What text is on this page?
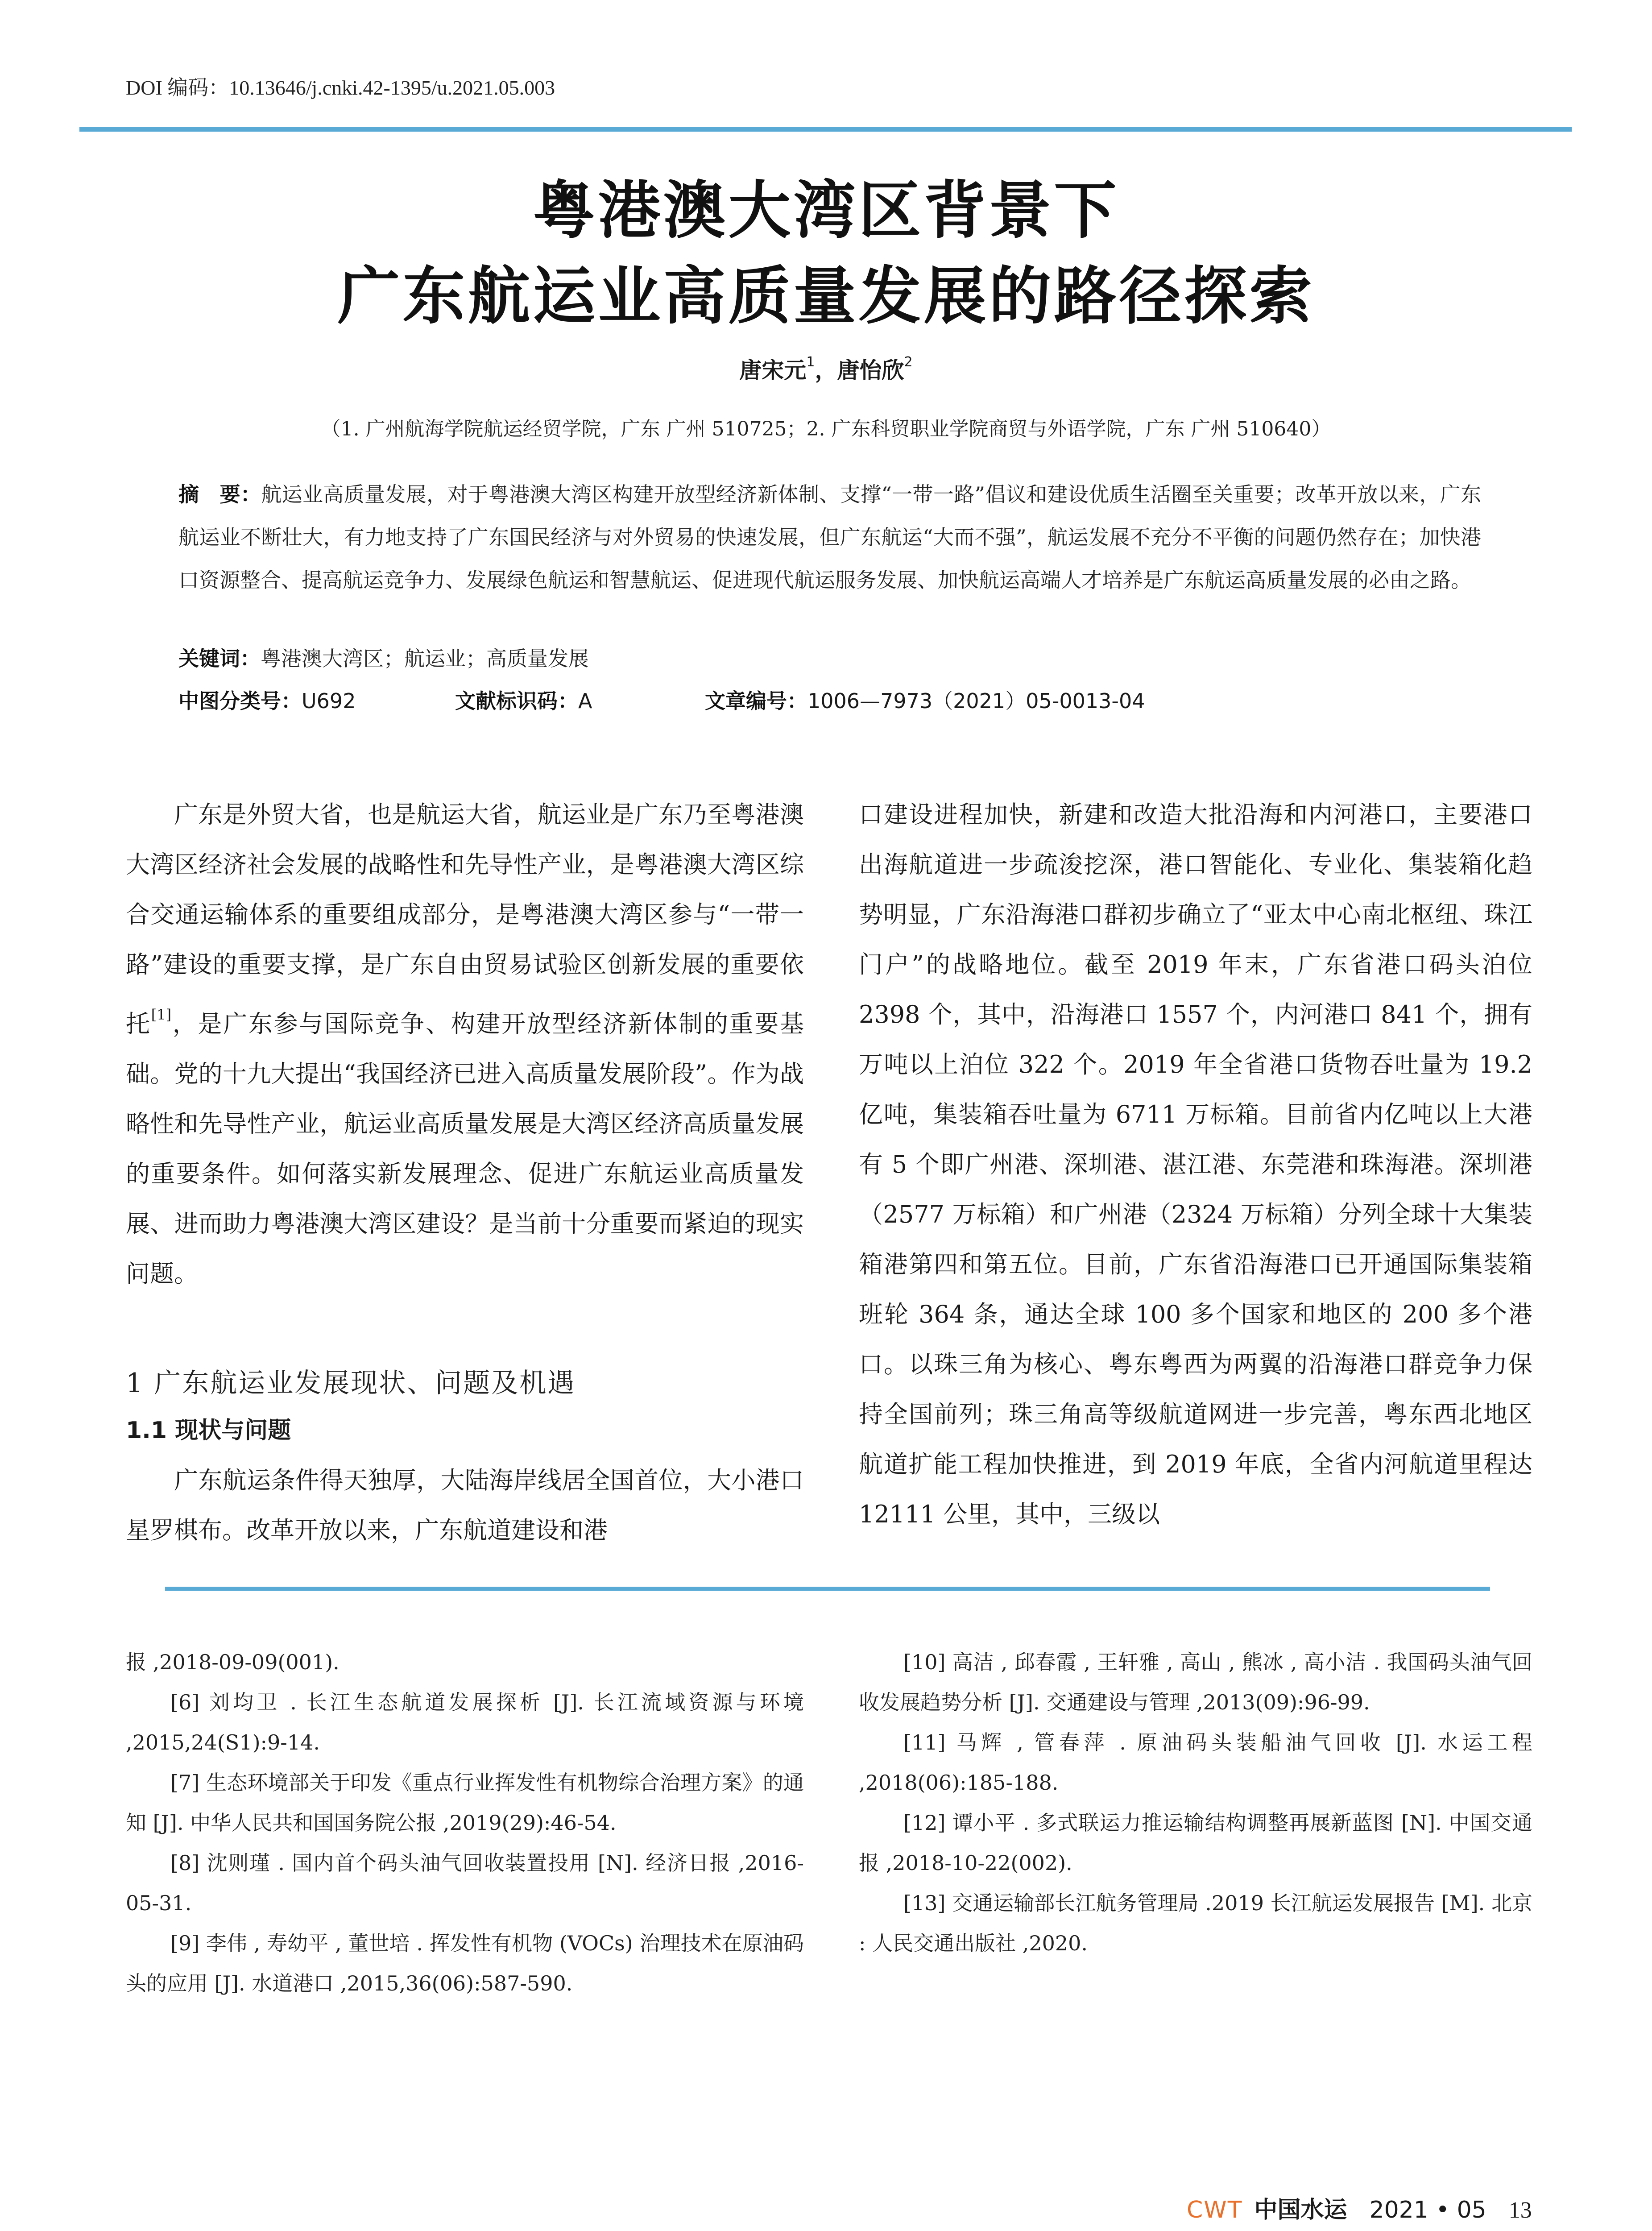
DOI 编码：10.13646/j.cnki.42-1395/u.2021.05.003
粤港澳大湾区背景下
广东航运业高质量发展的路径探索
唐宋元$^1$，唐怡欣$^2$
（1. 广州航海学院航运经贸学院，广东 广州 510725；2. 广东科贸职业学院商贸与外语学院，广东 广州 510640）
摘　要：航运业高质量发展，对于粤港澳大湾区构建开放型经济新体制、支撑“一带一路”倡议和建设优质生活圈至关重要；改革开放以来，广东航运业不断壮大，有力地支持了广东国民经济与对外贸易的快速发展，但广东航运“大而不强”，航运发展不充分不平衡的问题仍然存在；加快港口资源整合、提高航运竞争力、发展绿色航运和智慧航运、促进现代航运服务发展、加快航运高端人才培养是广东航运高质量发展的必由之路。
关键词：粤港澳大湾区；航运业；高质量发展
中图分类号：U692	文献标识码：A	文章编号：1006—7973（2021）05-0013-04

广东是外贸大省，也是航运大省，航运业是广东乃至粤港澳大湾区经济社会发展的战略性和先导性产业，是粤港澳大湾区综合交通运输体系的重要组成部分，是粤港澳大湾区参与“一带一路”建设的重要支撑，是广东自由贸易试验区创新发展的重要依托[1]，是广东参与国际竞争、构建开放型经济新体制的重要基础。党的十九大提出“我国经济已进入高质量发展阶段”。作为战略性和先导性产业，航运业高质量发展是大湾区经济高质量发展的重要条件。如何落实新发展理念、促进广东航运业高质量发展、进而助力粤港澳大湾区建设？是当前十分重要而紧迫的现实问题。

1 广东航运业发展现状、问题及机遇
1.1 现状与问题

广东航运条件得天独厚，大陆海岸线居全国首位，大小港口星罗棋布。改革开放以来，广东航道建设和港

口建设进程加快，新建和改造大批沿海和内河港口，主要港口出海航道进一步疏浚挖深，港口智能化、专业化、集装箱化趋势明显，广东沿海港口群初步确立了“亚太中心南北枢纽、珠江门户”的战略地位。截至 2019 年末，广东省港口码头泊位 2398 个，其中，沿海港口 1557 个，内河港口 841 个，拥有万吨以上泊位 322 个。2019 年全省港口货物吞吐量为 19.2 亿吨，集装箱吞吐量为 6711 万标箱。目前省内亿吨以上大港有 5 个即广州港、深圳港、湛江港、东莞港和珠海港。深圳港（2577 万标箱）和广州港（2324 万标箱）分列全球十大集装箱港第四和第五位。目前，广东省沿海港口已开通国际集装箱班轮 364 条，通达全球 100 多个国家和地区的 200 多个港口。以珠三角为核心、粤东粤西为两翼的沿海港口群竞争力保持全国前列；珠三角高等级航道网进一步完善，粤东西北地区航道扩能工程加快推进，到 2019 年底，全省内河航道里程达 12111 公里，其中，三级以

报 ,2018-09-09(001).

[6] 刘均卫 . 长江生态航道发展探析 [J]. 长江流域资源与环境 ,2015,24(S1):9-14.

[7] 生态环境部关于印发《重点行业挥发性有机物综合治理方案》的通知 [J]. 中华人民共和国国务院公报 ,2019(29):46-54.

[8] 沈则瑾 . 国内首个码头油气回收装置投用 [N]. 经济日报 ,2016-05-31.

[9] 李伟 , 寿幼平 , 董世培 . 挥发性有机物 (VOCs) 治理技术在原油码头的应用 [J]. 水道港口 ,2015,36(06):587-590.

[10] 高洁 , 邱春霞 , 王轩雅 , 高山 , 熊冰 , 高小洁 . 我国码头油气回收发展趋势分析 [J]. 交通建设与管理 ,2013(09):96-99.

[11] 马辉 , 管春萍 . 原油码头装船油气回收 [J]. 水运工程 ,2018(06):185-188.

[12] 谭小平 . 多式联运力推运输结构调整再展新蓝图 [N]. 中国交通报 ,2018-10-22(002).

[13] 交通运输部长江航务管理局 .2019 长江航运发展报告 [M]. 北京 : 人民交通出版社 ,2020.

CWT 中国水运 2021 • 05 13
